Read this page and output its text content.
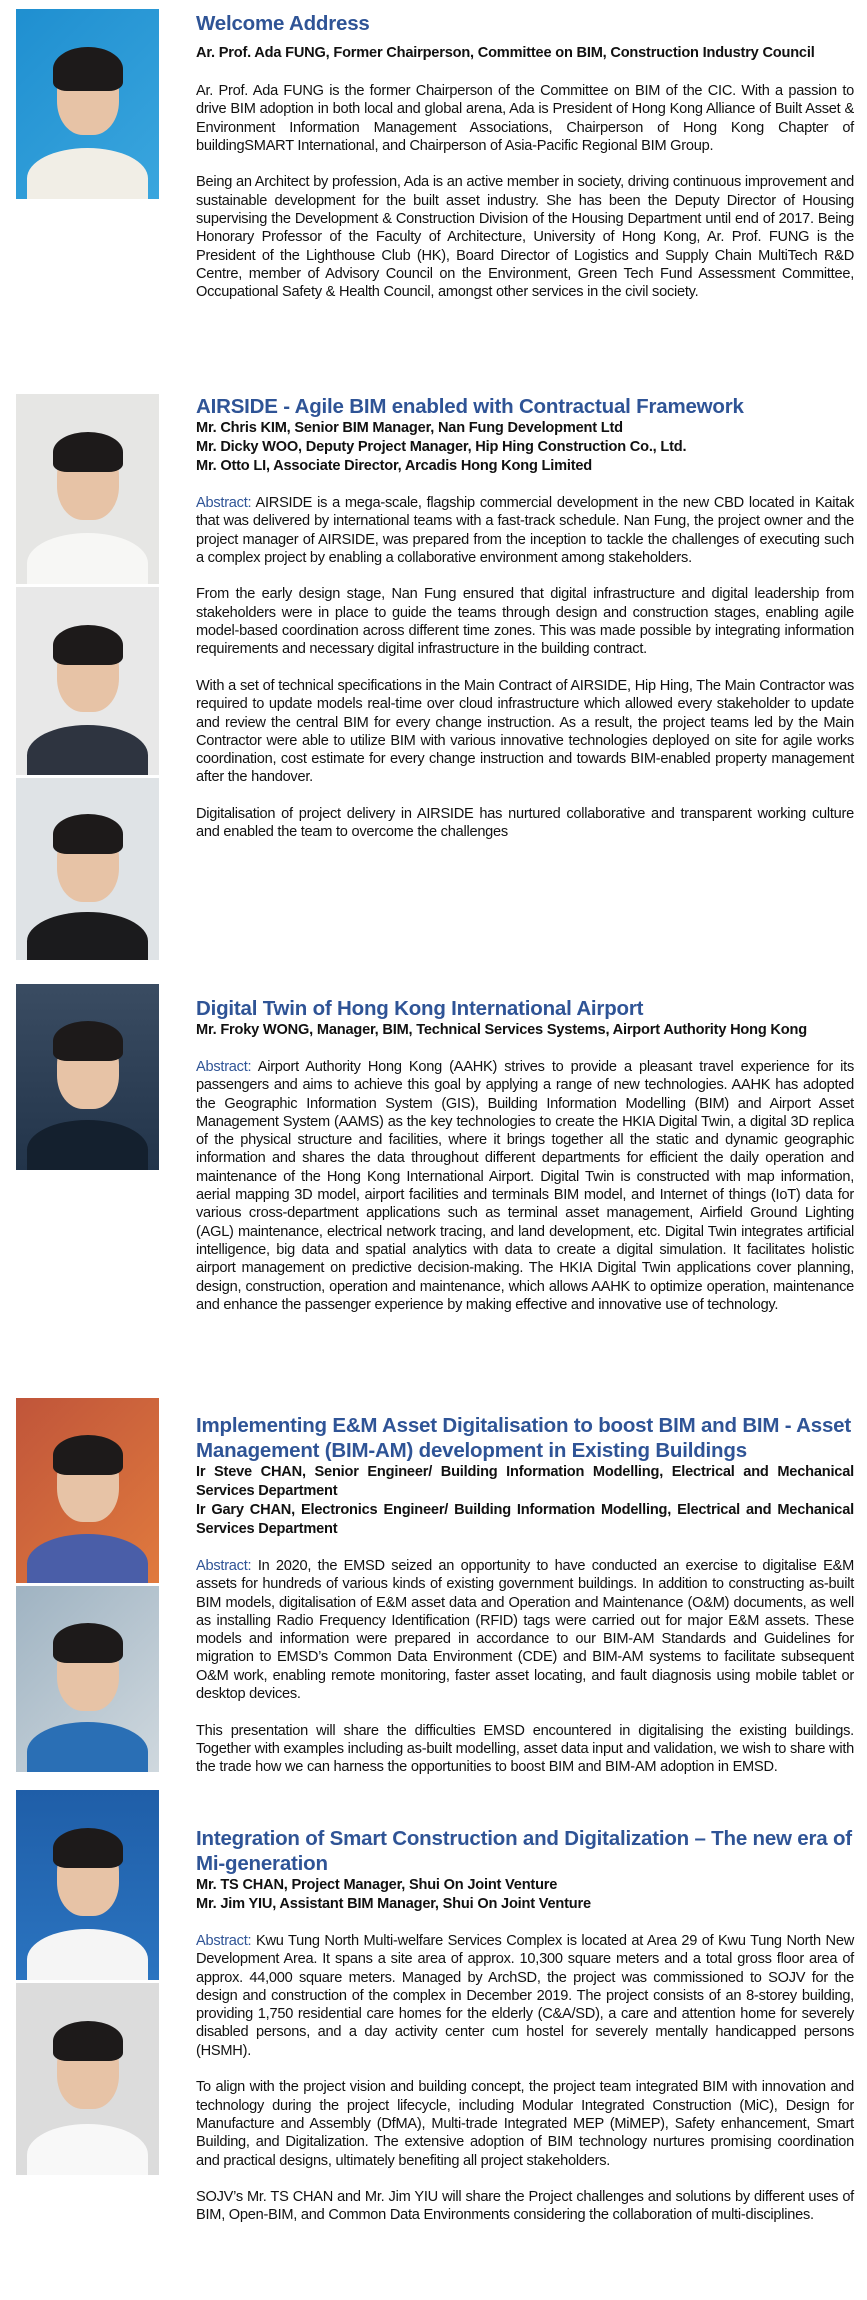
Welcome Address

Ar. Prof. Ada FUNG, Former Chairperson, Committee on BIM, Construction Industry Council

Ar. Prof. Ada FUNG is the former Chairperson of the Committee on BIM of the CIC. With a passion to drive BIM adoption in both local and global arena, Ada is President of Hong Kong Alliance of Built Asset & Environment Information Management Associations, Chairperson of Hong Kong Chapter of buildingSMART International, and Chairperson of Asia-Pacific Regional BIM Group.

Being an Architect by profession, Ada is an active member in society, driving continuous improvement and sustainable development for the built asset industry. She has been the Deputy Director of Housing supervising the Development & Construction Division of the Housing Department until end of 2017. Being Honorary Professor of the Faculty of Architecture, University of Hong Kong, Ar. Prof. FUNG is the President of the Lighthouse Club (HK), Board Director of Logistics and Supply Chain MultiTech R&D Centre, member of Advisory Council on the Environment, Green Tech Fund Assessment Committee, Occupational Safety & Health Council, amongst other services in the civil society.

AIRSIDE - Agile BIM enabled with Contractual Framework

Mr. Chris KIM, Senior BIM Manager, Nan Fung Development Ltd

Mr. Dicky WOO, Deputy Project Manager, Hip Hing Construction Co., Ltd.

Mr. Otto LI, Associate Director, Arcadis Hong Kong Limited

Abstract: AIRSIDE is a mega-scale, flagship commercial development in the new CBD located in Kaitak that was delivered by international teams with a fast-track schedule. Nan Fung, the project owner and the project manager of AIRSIDE, was prepared from the inception to tackle the challenges of executing such a complex project by enabling a collaborative environment among stakeholders.

From the early design stage, Nan Fung ensured that digital infrastructure and digital leadership from stakeholders were in place to guide the teams through design and construction stages, enabling agile model-based coordination across different time zones. This was made possible by integrating information requirements and necessary digital infrastructure in the building contract.

With a set of technical specifications in the Main Contract of AIRSIDE, Hip Hing, The Main Contractor was required to update models real-time over cloud infrastructure which allowed every stakeholder to update and review the central BIM for every change instruction. As a result, the project teams led by the Main Contractor were able to utilize BIM with various innovative technologies deployed on site for agile works coordination, cost estimate for every change instruction and towards BIM-enabled property management after the handover.

Digitalisation of project delivery in AIRSIDE has nurtured collaborative and transparent working culture and enabled the team to overcome the challenges

Digital Twin of Hong Kong International Airport

Mr. Froky WONG, Manager, BIM, Technical Services Systems, Airport Authority Hong Kong

Abstract: Airport Authority Hong Kong (AAHK) strives to provide a pleasant travel experience for its passengers and aims to achieve this goal by applying a range of new technologies. AAHK has adopted the Geographic Information System (GIS), Building Information Modelling (BIM) and Airport Asset Management System (AAMS) as the key technologies to create the HKIA Digital Twin, a digital 3D replica of the physical structure and facilities, where it brings together all the static and dynamic geographic information and shares the data throughout different departments for efficient the daily operation and maintenance of the Hong Kong International Airport. Digital Twin is constructed with map information, aerial mapping 3D model, airport facilities and terminals BIM model, and Internet of things (IoT) data for various cross-department applications such as terminal asset management, Airfield Ground Lighting (AGL) maintenance, electrical network tracing, and land development, etc. Digital Twin integrates artificial intelligence, big data and spatial analytics with data to create a digital simulation. It facilitates holistic airport management on predictive decision-making. The HKIA Digital Twin applications cover planning, design, construction, operation and maintenance, which allows AAHK to optimize operation, maintenance and enhance the passenger experience by making effective and innovative use of technology.

Implementing E&M Asset Digitalisation to boost BIM and BIM - Asset Management (BIM-AM) development in Existing Buildings

Ir Steve CHAN, Senior Engineer/ Building Information Modelling, Electrical and Mechanical Services Department

Ir Gary CHAN, Electronics Engineer/ Building Information Modelling, Electrical and Mechanical Services Department

Abstract: In 2020, the EMSD seized an opportunity to have conducted an exercise to digitalise E&M assets for hundreds of various kinds of existing government buildings. In addition to constructing as-built BIM models, digitalisation of E&M asset data and Operation and Maintenance (O&M) documents, as well as installing Radio Frequency Identification (RFID) tags were carried out for major E&M assets. These models and information were prepared in accordance to our BIM-AM Standards and Guidelines for migration to EMSD’s Common Data Environment (CDE) and BIM-AM systems to facilitate subsequent O&M work, enabling remote monitoring, faster asset locating, and fault diagnosis using mobile tablet or desktop devices.

This presentation will share the difficulties EMSD encountered in digitalising the existing buildings. Together with examples including as-built modelling, asset data input and validation, we wish to share with the trade how we can harness the opportunities to boost BIM and BIM-AM adoption in EMSD.

Integration of Smart Construction and Digitalization – The new era of Mi-generation

Mr. TS CHAN, Project Manager, Shui On Joint Venture

Mr. Jim YIU, Assistant BIM Manager, Shui On Joint Venture

Abstract: Kwu Tung North Multi-welfare Services Complex is located at Area 29 of Kwu Tung North New Development Area. It spans a site area of approx. 10,300 square meters and a total gross floor area of approx. 44,000 square meters. Managed by ArchSD, the project was commissioned to SOJV for the design and construction of the complex in December 2019. The project consists of an 8-storey building, providing 1,750 residential care homes for the elderly (C&A/SD), a care and attention home for severely disabled persons, and a day activity center cum hostel for severely mentally handicapped persons (HSMH).

To align with the project vision and building concept, the project team integrated BIM with innovation and technology during the project lifecycle, including Modular Integrated Construction (MiC), Design for Manufacture and Assembly (DfMA), Multi-trade Integrated MEP (MiMEP), Safety enhancement, Smart Building, and Digitalization. The extensive adoption of BIM technology nurtures promising coordination and practical designs, ultimately benefiting all project stakeholders.

SOJV’s Mr. TS CHAN and Mr. Jim YIU will share the Project challenges and solutions by different uses of BIM, Open-BIM, and Common Data Environments considering the collaboration of multi-disciplines.
